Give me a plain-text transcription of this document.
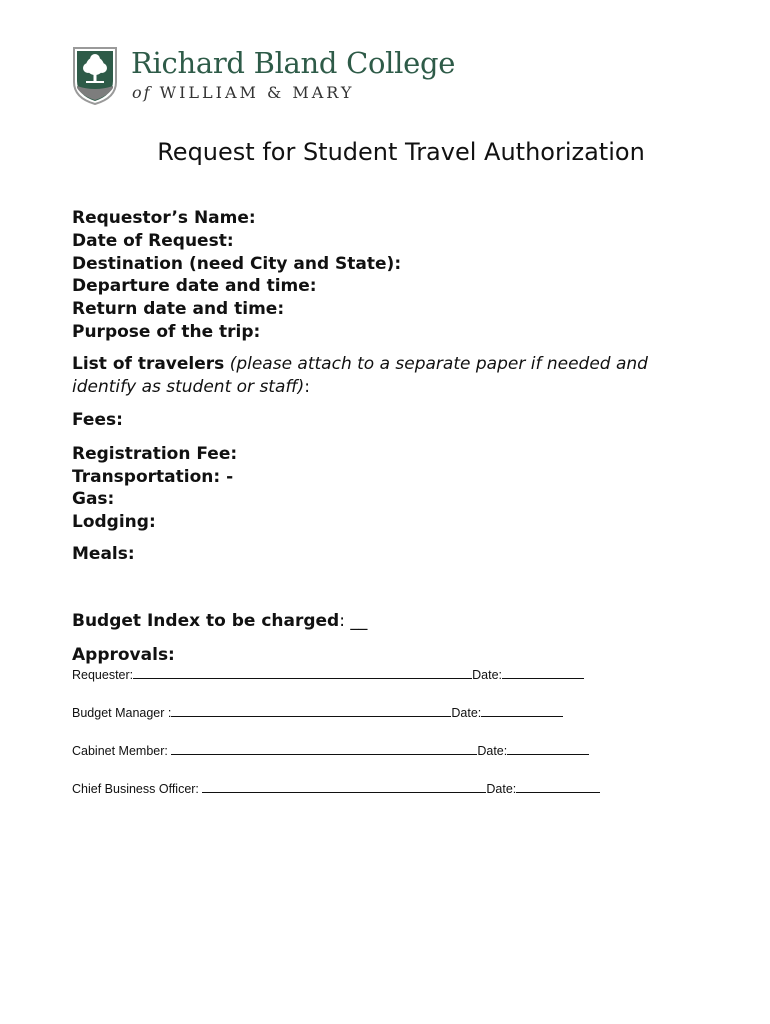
Richard Bland College
of WILLIAM & MARY
Request for Student Travel Authorization
Requestor’s Name:
Date of Request:
Destination (need City and State):
Departure date and time:
Return date and time:
Purpose of the trip:
List of travelers (please attach to a separate paper if needed and identify as student or staff):
Fees:
Registration Fee:
Transportation: -
Gas:
Lodging:
Meals:
Budget Index to be charged: __
Approvals:
Requester:	Date:
Budget Manager :	Date:
Cabinet Member:	Date:
Chief Business Officer:	Date:
